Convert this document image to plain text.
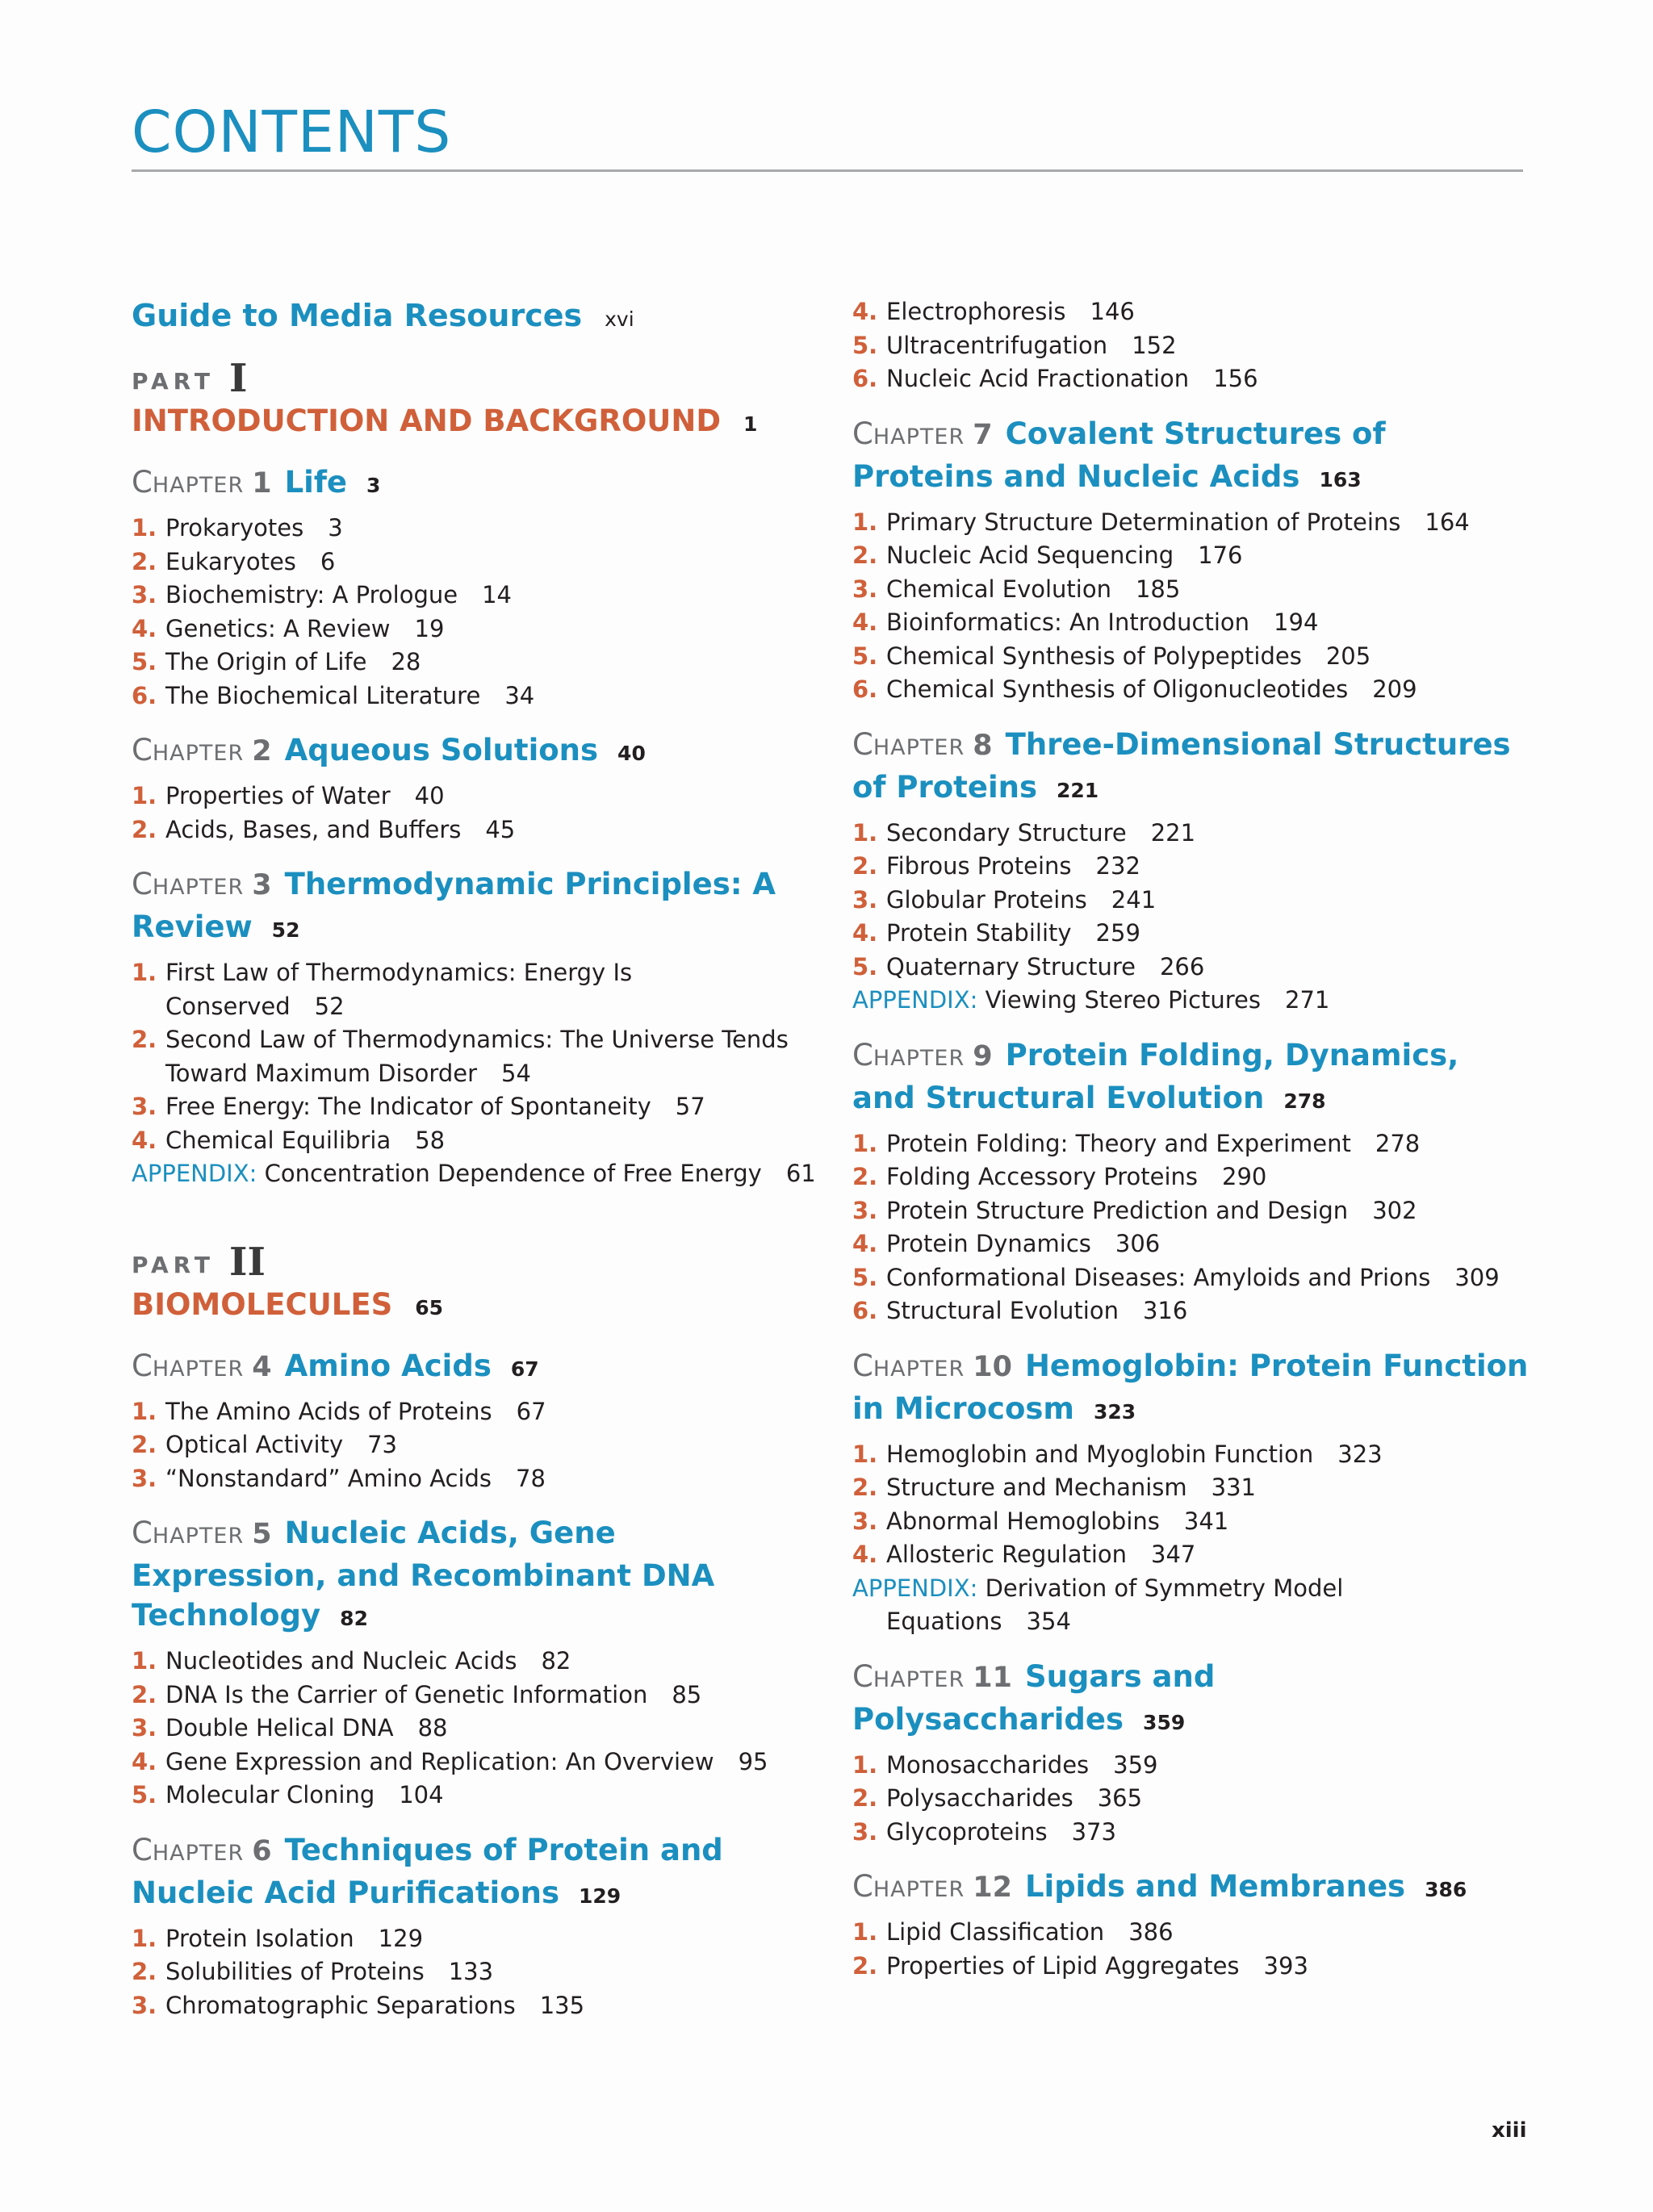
CONTENTS
Guide to Media Resources xvi
PART I
INTRODUCTION AND BACKGROUND 1
CHAPTER 1 Life 3
1. Prokaryotes 3
2. Eukaryotes 6
3. Biochemistry: A Prologue 14
4. Genetics: A Review 19
5. The Origin of Life 28
6. The Biochemical Literature 34
CHAPTER 2 Aqueous Solutions 40
1. Properties of Water 40
2. Acids, Bases, and Buffers 45
CHAPTER 3 Thermodynamic Principles: A Review 52
1. First Law of Thermodynamics: Energy Is Conserved 52
2. Second Law of Thermodynamics: The Universe Tends Toward Maximum Disorder 54
3. Free Energy: The Indicator of Spontaneity 57
4. Chemical Equilibria 58
APPENDIX: Concentration Dependence of Free Energy 61
PART II
BIOMOLECULES 65
CHAPTER 4 Amino Acids 67
1. The Amino Acids of Proteins 67
2. Optical Activity 73
3. “Nonstandard” Amino Acids 78
CHAPTER 5 Nucleic Acids, Gene Expression, and Recombinant DNA Technology 82
1. Nucleotides and Nucleic Acids 82
2. DNA Is the Carrier of Genetic Information 85
3. Double Helical DNA 88
4. Gene Expression and Replication: An Overview 95
5. Molecular Cloning 104
CHAPTER 6 Techniques of Protein and Nucleic Acid Purifications 129
1. Protein Isolation 129
2. Solubilities of Proteins 133
3. Chromatographic Separations 135
4. Electrophoresis 146
5. Ultracentrifugation 152
6. Nucleic Acid Fractionation 156
CHAPTER 7 Covalent Structures of Proteins and Nucleic Acids 163
1. Primary Structure Determination of Proteins 164
2. Nucleic Acid Sequencing 176
3. Chemical Evolution 185
4. Bioinformatics: An Introduction 194
5. Chemical Synthesis of Polypeptides 205
6. Chemical Synthesis of Oligonucleotides 209
CHAPTER 8 Three-Dimensional Structures of Proteins 221
1. Secondary Structure 221
2. Fibrous Proteins 232
3. Globular Proteins 241
4. Protein Stability 259
5. Quaternary Structure 266
APPENDIX: Viewing Stereo Pictures 271
CHAPTER 9 Protein Folding, Dynamics, and Structural Evolution 278
1. Protein Folding: Theory and Experiment 278
2. Folding Accessory Proteins 290
3. Protein Structure Prediction and Design 302
4. Protein Dynamics 306
5. Conformational Diseases: Amyloids and Prions 309
6. Structural Evolution 316
CHAPTER 10 Hemoglobin: Protein Function in Microcosm 323
1. Hemoglobin and Myoglobin Function 323
2. Structure and Mechanism 331
3. Abnormal Hemoglobins 341
4. Allosteric Regulation 347
APPENDIX: Derivation of Symmetry Model Equations 354
CHAPTER 11 Sugars and Polysaccharides 359
1. Monosaccharides 359
2. Polysaccharides 365
3. Glycoproteins 373
CHAPTER 12 Lipids and Membranes 386
1. Lipid Classification 386
2. Properties of Lipid Aggregates 393
xiii
